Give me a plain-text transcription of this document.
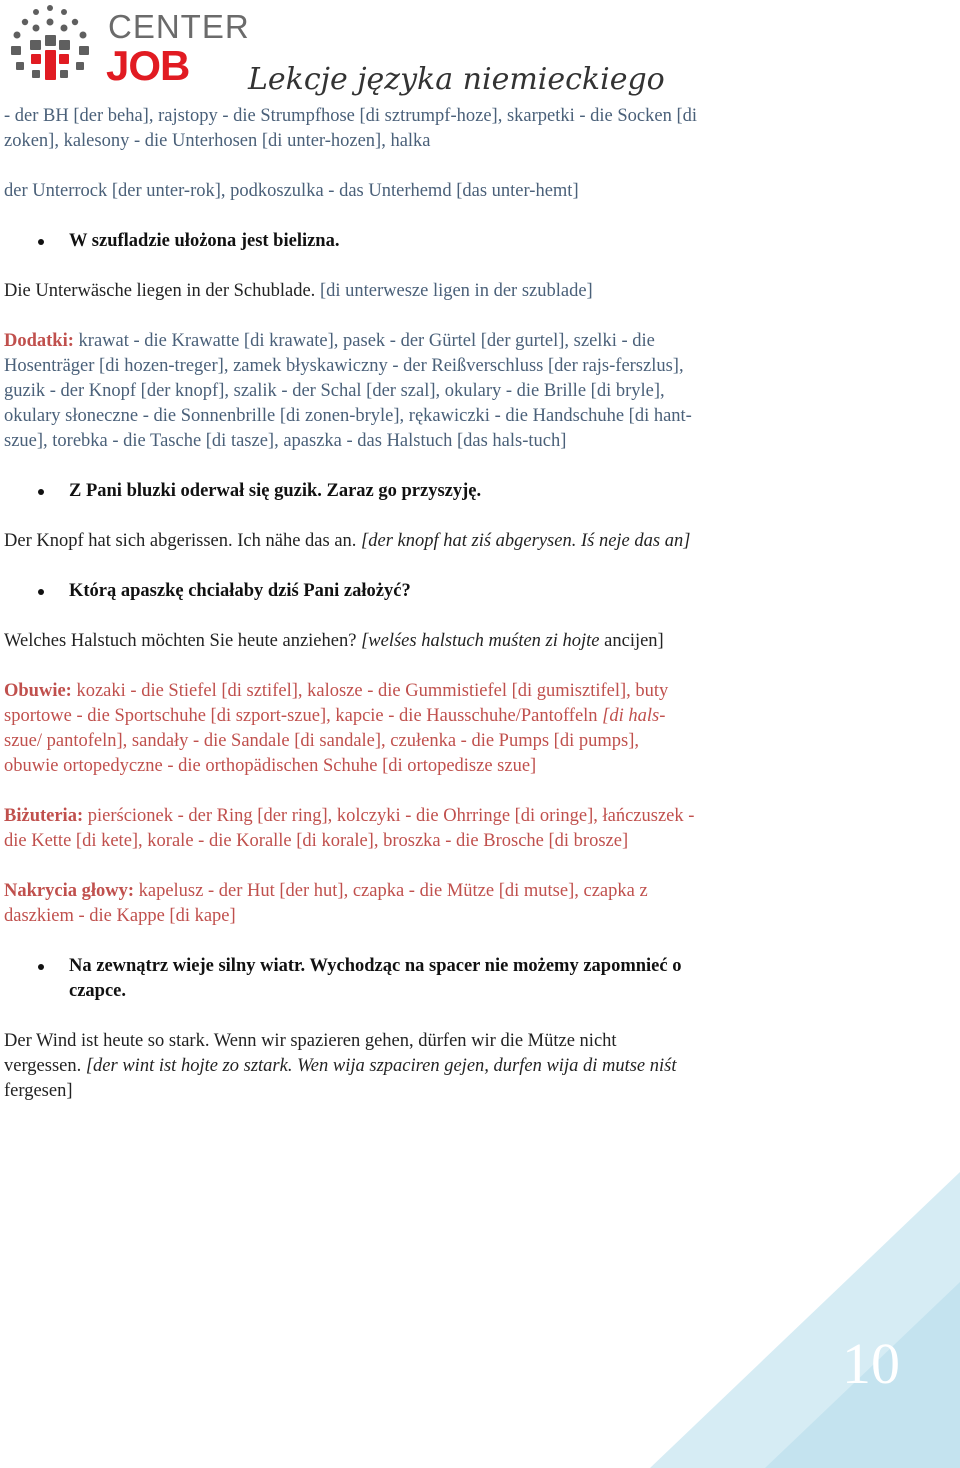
CENTER
JOB Lekcje języka niemieckiego

- der BH [der beha], rajstopy - die Strumpfhose [di sztrumpf-hoze], skarpetki - die Socken [di

zoken], kalesony - die Unterhosen [di unter-hozen], halka

der Unterrock [der unter-rok], podkoszulka - das Unterhemd [das unter-hemt]

W szufladzie ułożona jest bielizna.

Die Unterwäsche liegen in der Schublade. [di unterwesze ligen in der szublade]

Dodatki: krawat - die Krawatte [di krawate], pasek - der Gürtel [der gurtel], szelki - die

Hosenträger [di hozen-treger], zamek błyskawiczny - der Reißverschluss [der rajs-ferszlus],

guzik - der Knopf [der knopf], szalik - der Schal [der szal], okulary - die Brille [di bryle],

okulary słoneczne - die Sonnenbrille [di zonen-bryle], rękawiczki - die Handschuhe [di hant-

szue], torebka - die Tasche [di tasze], apaszka - das Halstuch [das hals-tuch]

Z Pani bluzki oderwał się guzik. Zaraz go przyszyję.

Der Knopf hat sich abgerissen. Ich nähe das an. [der knopf hat ziś abgerysen. Iś neje das an]

Którą apaszkę chciałaby dziś Pani założyć?

Welches Halstuch möchten Sie heute anziehen? [welśes halstuch muśten zi hojte ancijen]

Obuwie: kozaki - die Stiefel [di sztifel], kalosze - die Gummistiefel [di gumisztifel], buty

sportowe - die Sportschuhe [di szport-szue], kapcie - die Hausschuhe/Pantoffeln [di hals-

szue/ pantofeln], sandały - die Sandale [di sandale], czułenka - die Pumps [di pumps],

obuwie ortopedyczne - die orthopädischen Schuhe [di ortopedisze szue]

Biżuteria: pierścionek - der Ring [der ring], kolczyki - die Ohrringe [di oringe], łańczuszek -

die Kette [di kete], korale - die Koralle [di korale], broszka - die Brosche [di brosze]

Nakrycia głowy: kapelusz - der Hut [der hut], czapka - die Mütze [di mutse], czapka z

daszkiem - die Kappe [di kape]

Na zewnątrz wieje silny wiatr. Wychodząc na spacer nie możemy zapomnieć o

czapce.

Der Wind ist heute so stark. Wenn wir spazieren gehen, dürfen wir die Mütze nicht

vergessen. [der wint ist hojte zo sztark. Wen wija szpaciren gejen, durfen wija di mutse niśt

fergesen]

10
